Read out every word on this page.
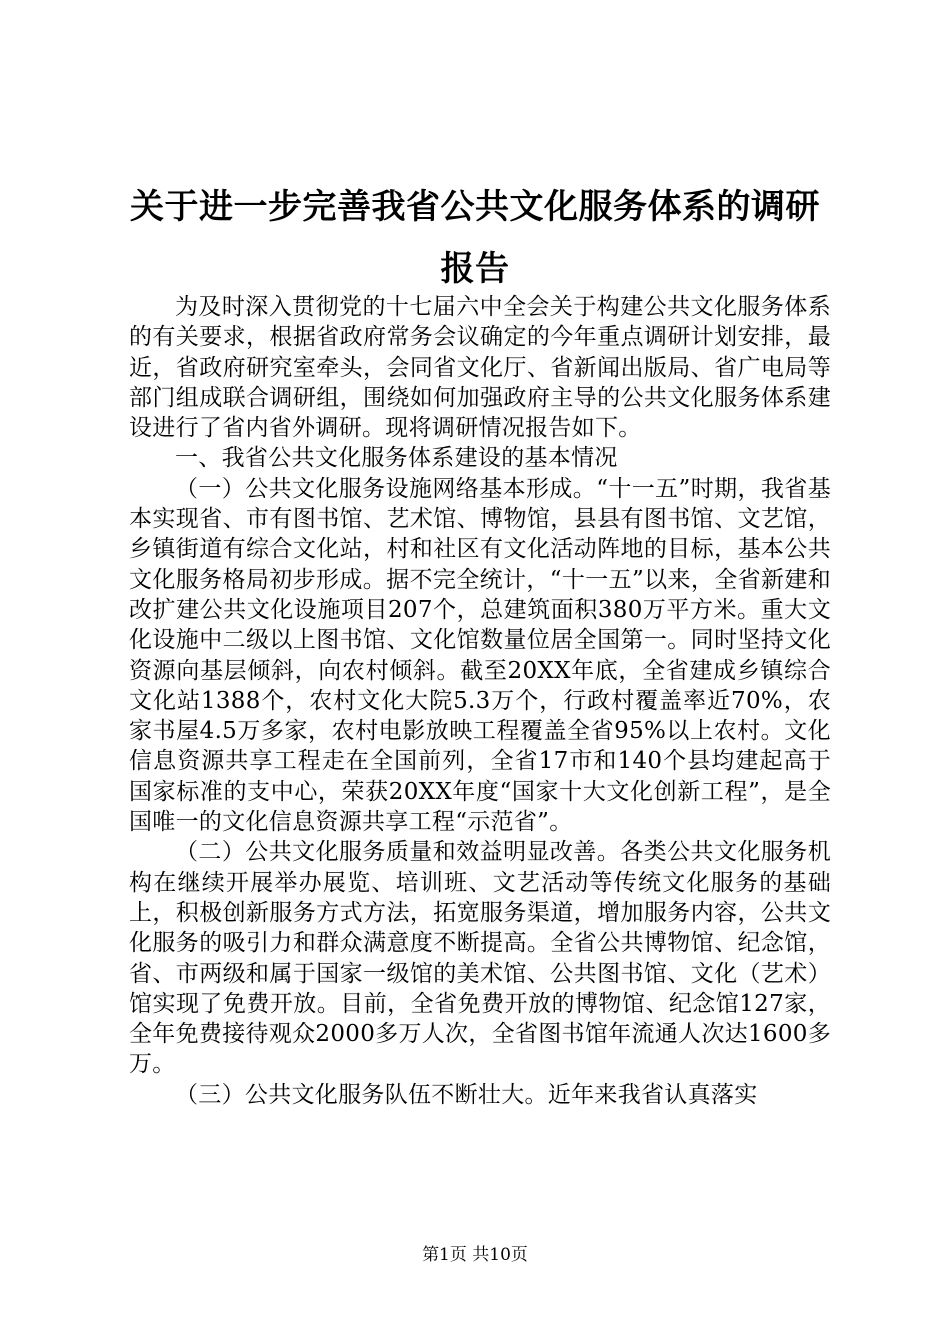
关于进一步完善我省公共文化服务体系的调研
报告

为及时深入贯彻党的十七届六中全会关于构建公共文化服务体系的有关要求，根据省政府常务会议确定的今年重点调研计划安排，最近，省政府研究室牵头，会同省文化厅、省新闻出版局、省广电局等部门组成联合调研组，围绕如何加强政府主导的公共文化服务体系建设进行了省内省外调研。现将调研情况报告如下。

一、我省公共文化服务体系建设的基本情况

（一）公共文化服务设施网络基本形成。“十一五”时期，我省基本实现省、市有图书馆、艺术馆、博物馆，县县有图书馆、文艺馆，乡镇街道有综合文化站，村和社区有文化活动阵地的目标，基本公共文化服务格局初步形成。据不完全统计，“十一五”以来，全省新建和改扩建公共文化设施项目207个，总建筑面积380万平方米。重大文化设施中二级以上图书馆、文化馆数量位居全国第一。同时坚持文化资源向基层倾斜，向农村倾斜。截至20XX年底，全省建成乡镇综合文化站1388个，农村文化大院5.3万个，行政村覆盖率近70%，农家书屋4.5万多家，农村电影放映工程覆盖全省95%以上农村。文化信息资源共享工程走在全国前列，全省17市和140个县均建起高于国家标准的支中心，荣获20XX年度“国家十大文化创新工程”，是全国唯一的文化信息资源共享工程“示范省”。

（二）公共文化服务质量和效益明显改善。各类公共文化服务机构在继续开展举办展览、培训班、文艺活动等传统文化服务的基础上，积极创新服务方式方法，拓宽服务渠道，增加服务内容，公共文化服务的吸引力和群众满意度不断提高。全省公共博物馆、纪念馆，省、市两级和属于国家一级馆的美术馆、公共图书馆、文化（艺术）馆实现了免费开放。目前，全省免费开放的博物馆、纪念馆127家，全年免费接待观众2000多万人次，全省图书馆年流通人次达1600多万。

（三）公共文化服务队伍不断壮大。近年来我省认真落实

第1页 共10页
